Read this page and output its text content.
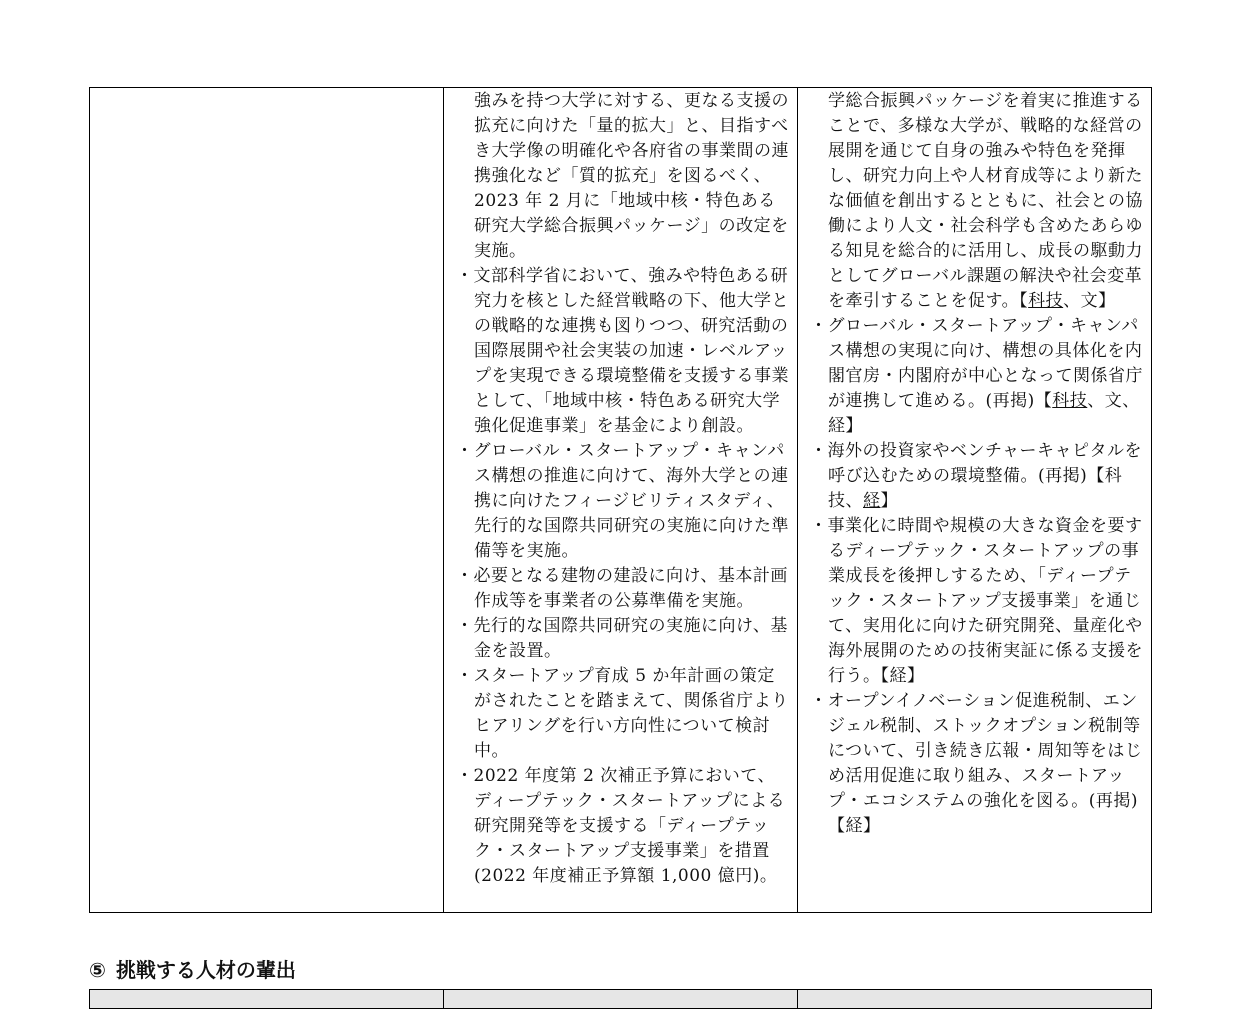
強みを持つ大学に対する、更なる支援の拡充に向けた「量的拡大」と、目指すべき大学像の明確化や各府省の事業間の連携強化など「質的拡充」を図るべく、2023 年 2 月に「地域中核・特色ある研究大学総合振興パッケージ」の改定を実施。

・文部科学省において、強みや特色ある研究力を核とした経営戦略の下、他大学との戦略的な連携も図りつつ、研究活動の国際展開や社会実装の加速・レベルアップを実現できる環境整備を支援する事業として、「地域中核・特色ある研究大学強化促進事業」を基金により創設。

・グローバル・スタートアップ・キャンパス構想の推進に向けて、海外大学との連携に向けたフィージビリティスタディ、先行的な国際共同研究の実施に向けた準備等を実施。

・必要となる建物の建設に向け、基本計画作成等を事業者の公募準備を実施。

・先行的な国際共同研究の実施に向け、基金を設置。

・スタートアップ育成 5 か年計画の策定がされたことを踏まえて、関係省庁よりヒアリングを行い方向性について検討中。

・2022 年度第 2 次補正予算において、ディープテック・スタートアップによる研究開発等を支援する「ディープテック・スタートアップ支援事業」を措置(2022 年度補正予算額 1,000 億円)。

学総合振興パッケージを着実に推進することで、多様な大学が、戦略的な経営の展開を通じて自身の強みや特色を発揮し、研究力向上や人材育成等により新たな価値を創出するとともに、社会との協働により人文・社会科学も含めたあらゆる知見を総合的に活用し、成長の駆動力としてグローバル課題の解決や社会変革を牽引することを促す。【科技、文】

・グローバル・スタートアップ・キャンパス構想の実現に向け、構想の具体化を内閣官房・内閣府が中心となって関係省庁が連携して進める。(再掲)【科技、文、経】

・海外の投資家やベンチャーキャピタルを呼び込むための環境整備。(再掲)【科技、経】

・事業化に時間や規模の大きな資金を要するディープテック・スタートアップの事業成長を後押しするため、「ディープテック・スタートアップ支援事業」を通じて、実用化に向けた研究開発、量産化や海外展開のための技術実証に係る支援を行う。【経】

・オープンイノベーション促進税制、エンジェル税制、ストックオプション税制等について、引き続き広報・周知等をはじめ活用促進に取り組み、スタートアップ・エコシステムの強化を図る。(再掲)【経】

⑤ 挑戦する人材の輩出
